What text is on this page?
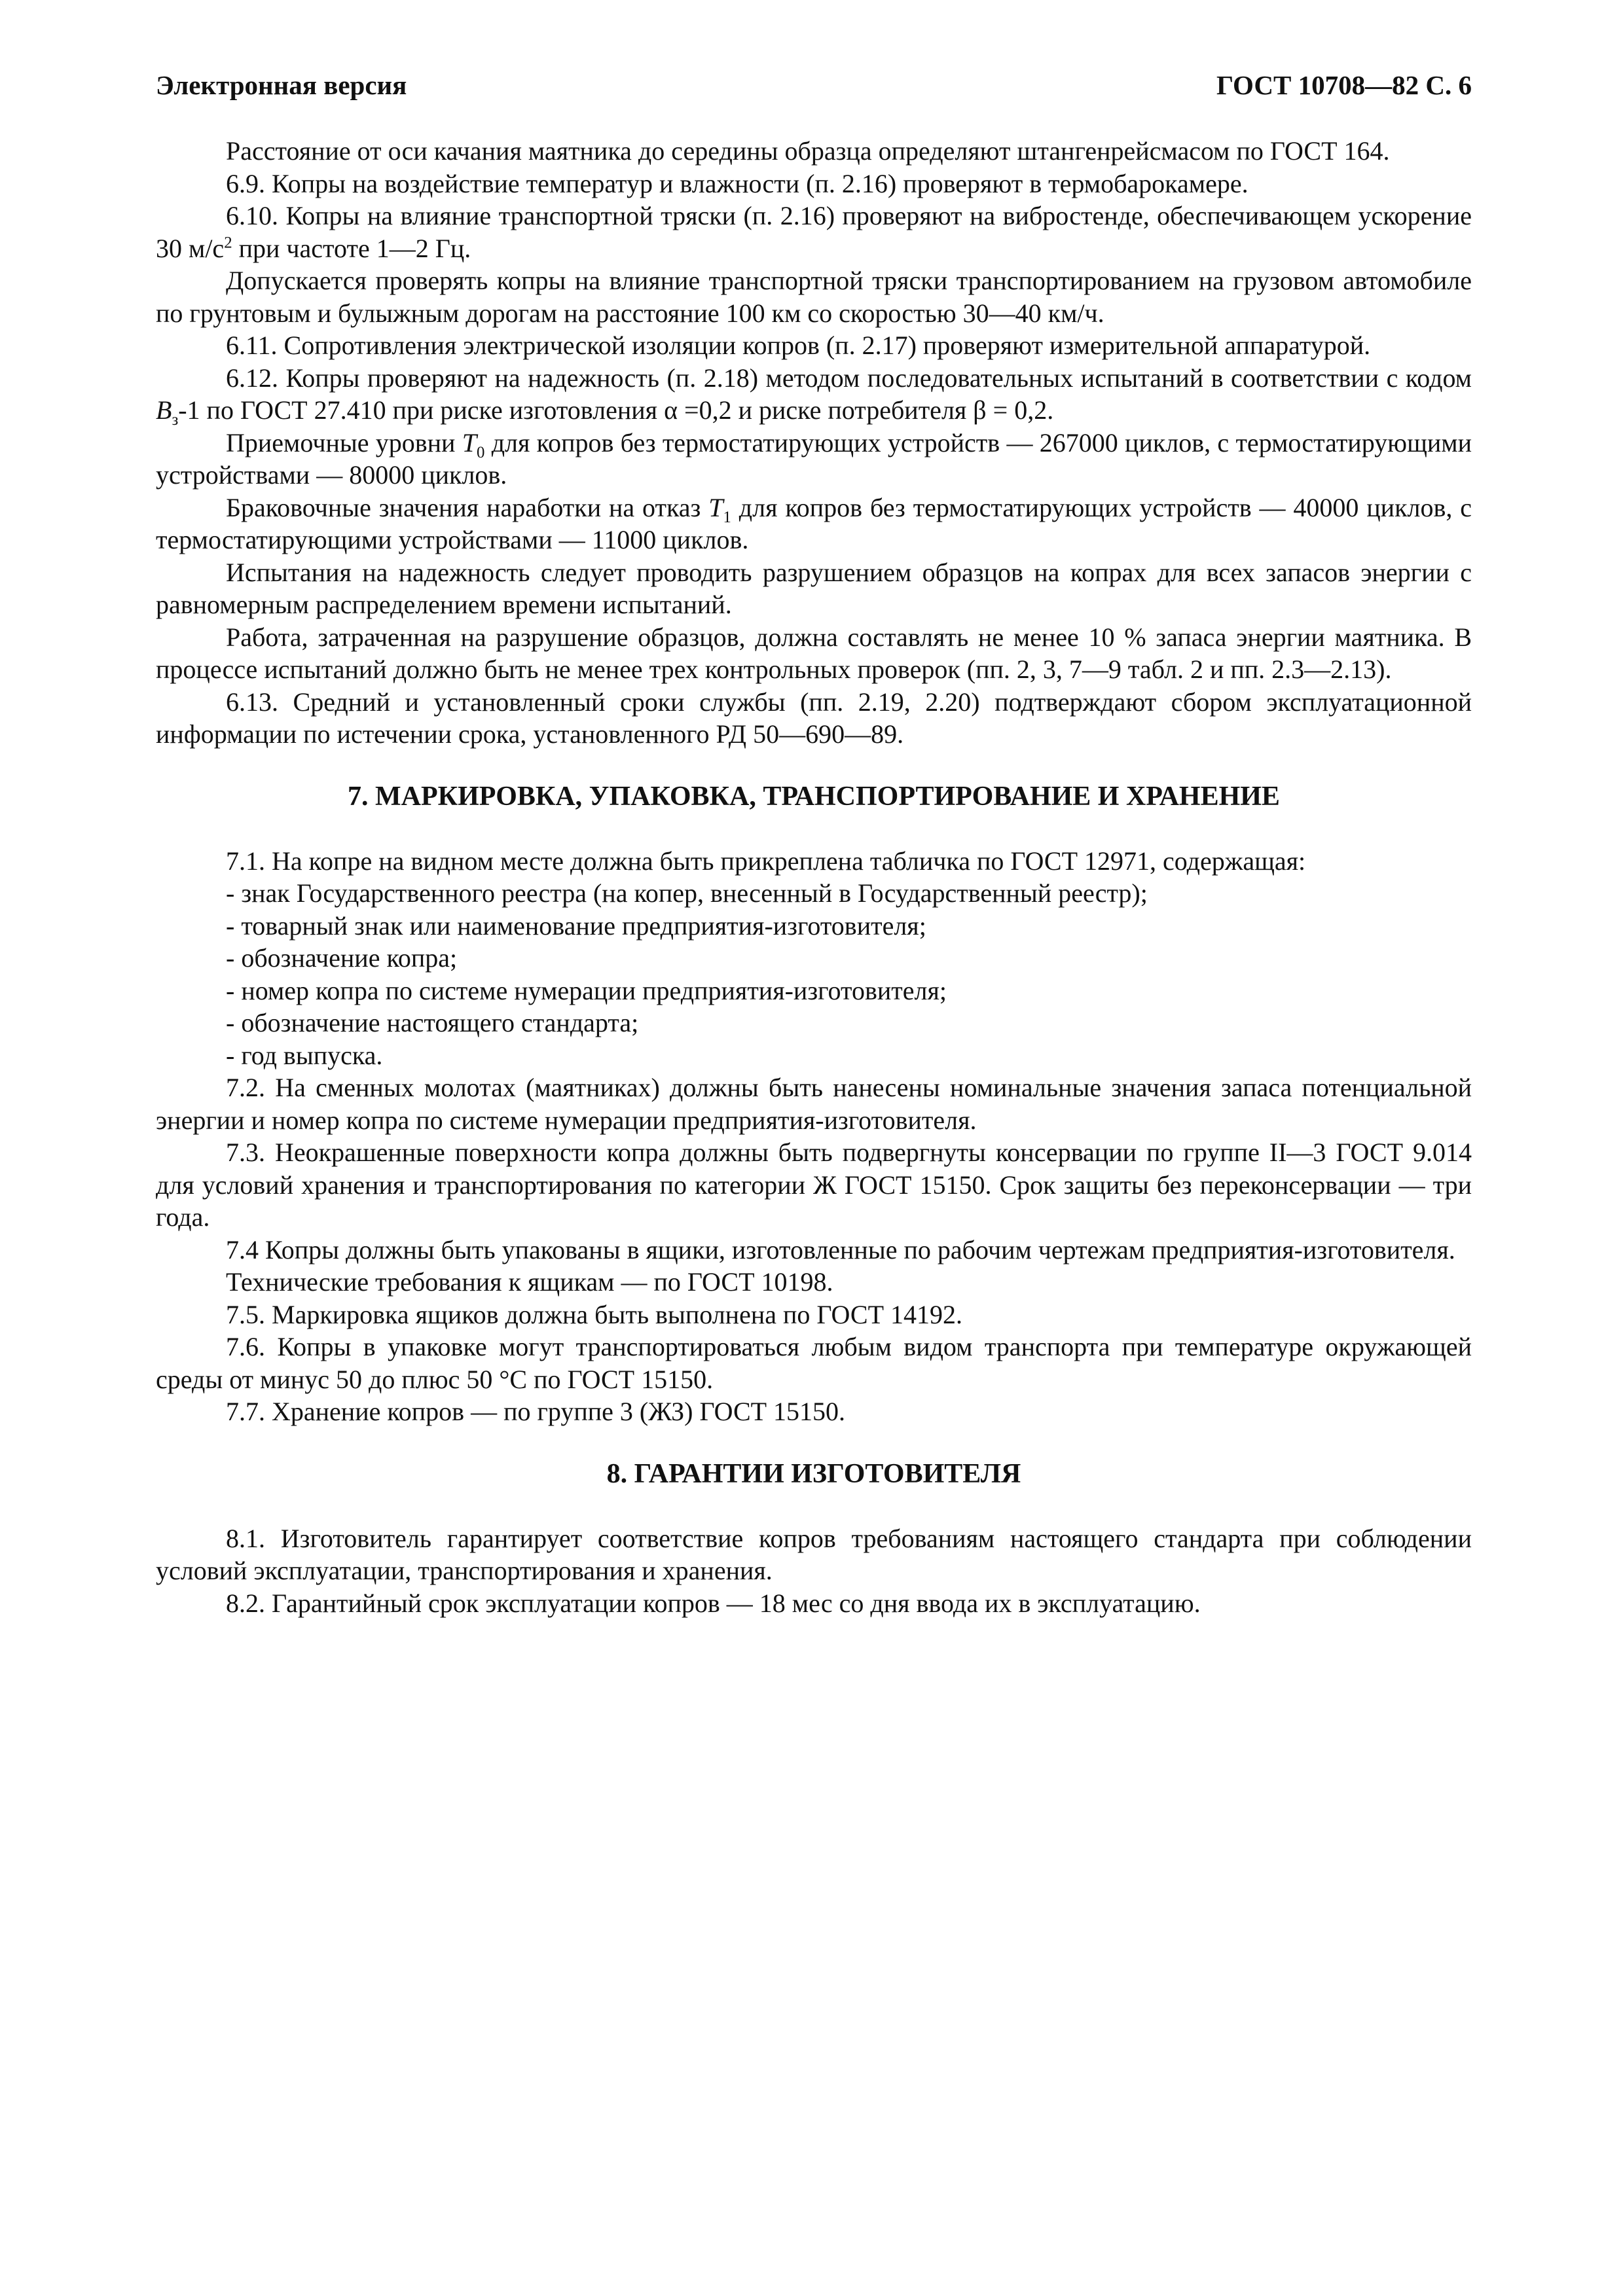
Электронная версия	ГОСТ 10708—82 С. 6

Расстояние от оси качания маятника до середины образца определяют штангенрейсмасом по ГОСТ 164.

6.9. Копры на воздействие температур и влажности (п. 2.16) проверяют в термобарокамере.

6.10. Копры на влияние транспортной тряски (п. 2.16) проверяют на вибростенде, обеспечивающем ускорение 30 $м/с^2$ при частоте 1—2 Гц.

Допускается проверять копры на влияние транспортной тряски транспортированием на грузовом автомобиле по грунтовым и булыжным дорогам на расстояние 100 км со скоростью 30—40 км/ч.

6.11. Сопротивления электрической изоляции копров (п. 2.17) проверяют измерительной аппаратурой.

6.12. Копры проверяют на надежность (п. 2.18) методом последовательных испытаний в соответствии с кодом $B_з-1$ по ГОСТ 27.410 при риске изготовления α =0,2 и риске потребителя β = 0,2.

Приемочные уровни $T_0$ для копров без термостатирующих устройств — 267000 циклов, с термостатирующими устройствами — 80000 циклов.

Браковочные значения наработки на отказ $T_1$ для копров без термостатирующих устройств — 40000 циклов, с термостатирующими устройствами — 11000 циклов.

Испытания на надежность следует проводить разрушением образцов на копрах для всех запасов энергии с равномерным распределением времени испытаний.

Работа, затраченная на разрушение образцов, должна составлять не менее 10 % запаса энергии маятника. В процессе испытаний должно быть не менее трех контрольных проверок (пп. 2, 3, 7—9 табл. 2 и пп. 2.3—2.13).

6.13. Средний и установленный сроки службы (пп. 2.19, 2.20) подтверждают сбором эксплуатационной информации по истечении срока, установленного РД 50—690—89.

7. МАРКИРОВКА, УПАКОВКА, ТРАНСПОРТИРОВАНИЕ И ХРАНЕНИЕ

7.1. На копре на видном месте должна быть прикреплена табличка по ГОСТ 12971, содержащая:

- знак Государственного реестра (на копер, внесенный в Государственный реестр);

- товарный знак или наименование предприятия-изготовителя;

- обозначение копра;

- номер копра по системе нумерации предприятия-изготовителя;

- обозначение настоящего стандарта;

- год выпуска.

7.2. На сменных молотах (маятниках) должны быть нанесены номинальные значения запаса потенциальной энергии и номер копра по системе нумерации предприятия-изготовителя.

7.3. Неокрашенные поверхности копра должны быть подвергнуты консервации по группе II—3 ГОСТ 9.014 для условий хранения и транспортирования по категории Ж ГОСТ 15150. Срок защиты без переконсервации — три года.

7.4 Копры должны быть упакованы в ящики, изготовленные по рабочим чертежам предприятия-изготовителя.

Технические требования к ящикам — по ГОСТ 10198.

7.5. Маркировка ящиков должна быть выполнена по ГОСТ 14192.

7.6. Копры в упаковке могут транспортироваться любым видом транспорта при температуре окружающей среды от минус 50 до плюс 50 °С по ГОСТ 15150.

7.7. Хранение копров — по группе 3 (ЖЗ) ГОСТ 15150.

8. ГАРАНТИИ ИЗГОТОВИТЕЛЯ

8.1. Изготовитель гарантирует соответствие копров требованиям настоящего стандарта при соблюдении условий эксплуатации, транспортирования и хранения.

8.2. Гарантийный срок эксплуатации копров — 18 мес со дня ввода их в эксплуатацию.
